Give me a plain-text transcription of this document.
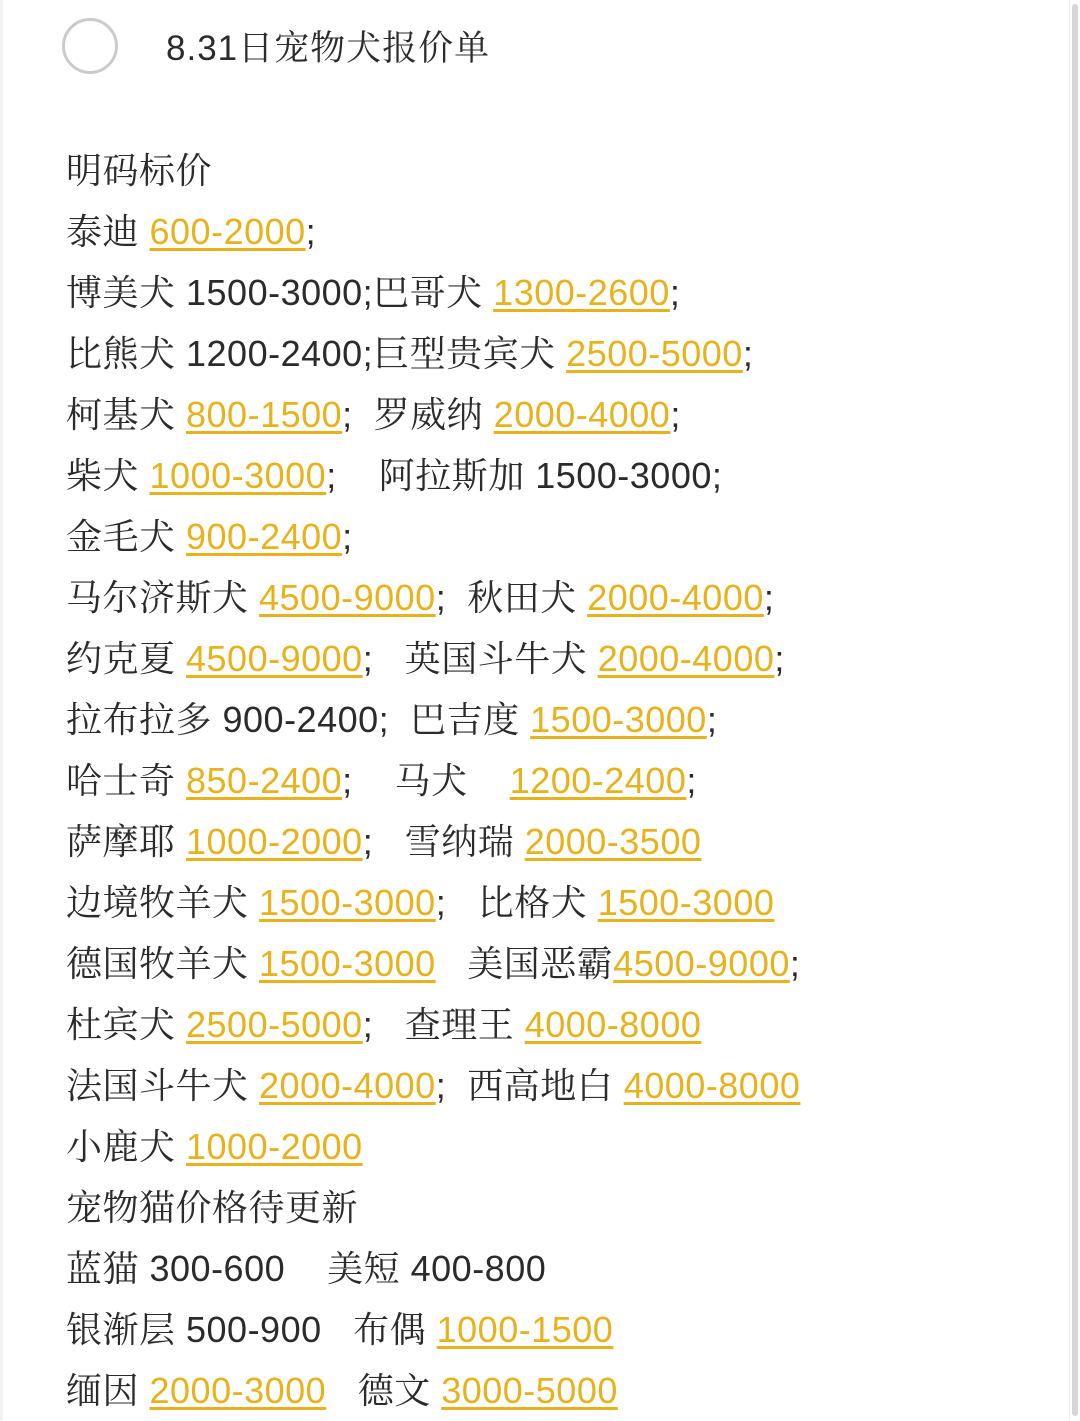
8.31日宠物犬报价单
明码标价
泰迪 600-2000;
博美犬 1500-3000;巴哥犬 1300-2600;
比熊犬 1200-2400;巨型贵宾犬 2500-5000;
柯基犬 800-1500;  罗威纳 2000-4000;
柴犬 1000-3000;    阿拉斯加 1500-3000;
金毛犬 900-2400;
马尔济斯犬 4500-9000;  秋田犬 2000-4000;
约克夏 4500-9000;   英国斗牛犬 2000-4000;
拉布拉多 900-2400;  巴吉度 1500-3000;
哈士奇 850-2400;    马犬    1200-2400;
萨摩耶 1000-2000;   雪纳瑞 2000-3500
边境牧羊犬 1500-3000;   比格犬 1500-3000
德国牧羊犬 1500-3000   美国恶霸4500-9000;
杜宾犬 2500-5000;   查理王 4000-8000
法国斗牛犬 2000-4000;  西高地白 4000-8000
小鹿犬 1000-2000
宠物猫价格待更新
蓝猫 300-600    美短 400-800
银渐层 500-900   布偶 1000-1500
缅因 2000-3000   德文 3000-5000
